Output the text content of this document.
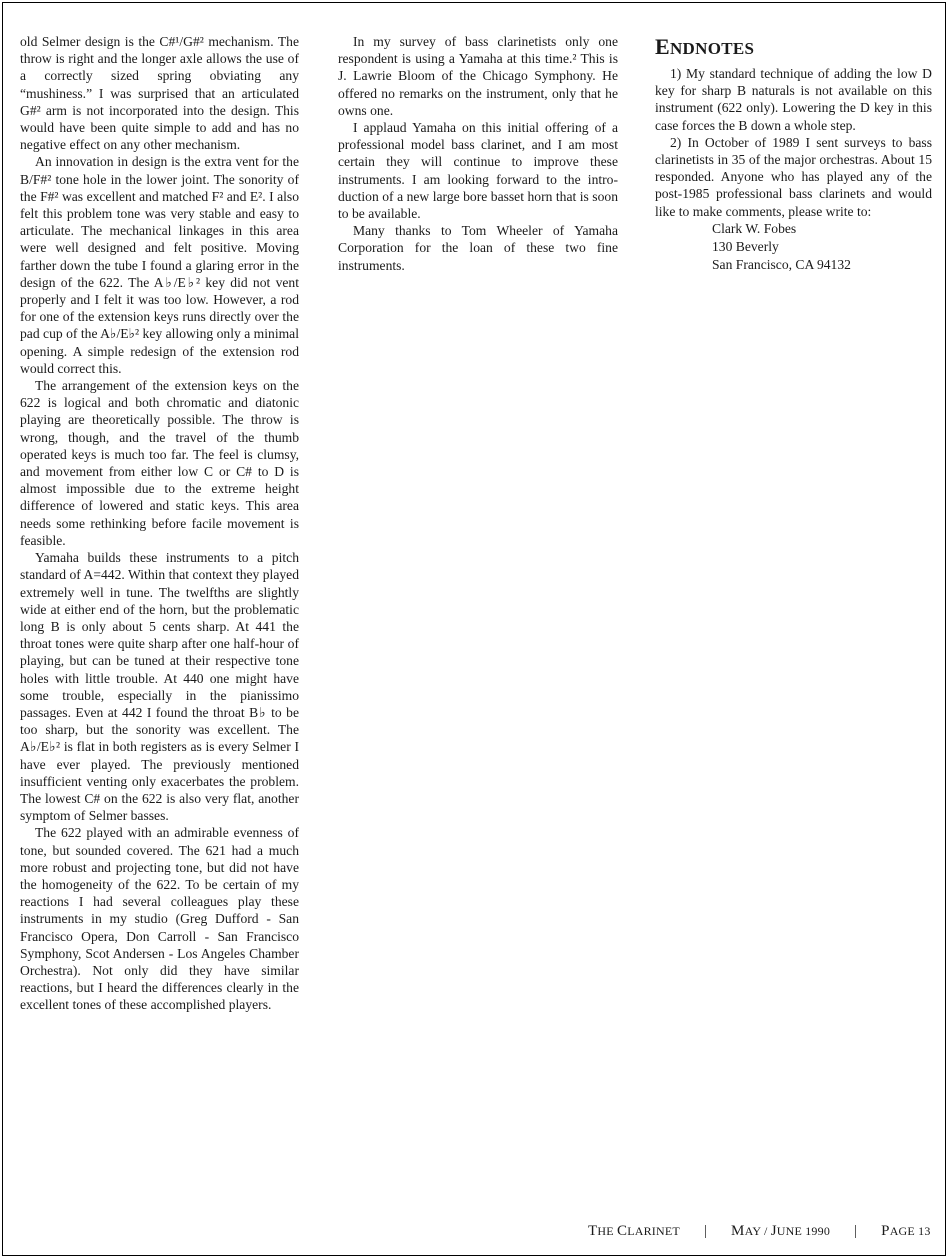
old Selmer design is the C#¹/G#² mechanism. The throw is right and the longer axle allows the use of a correctly sized spring obviating any “mushiness.” I was surprised that an articulated G#² arm is not incorporated into the design. This would have been quite simple to add and has no negative effect on any other mechanism.

An innovation in design is the extra vent for the B/F#² tone hole in the lower joint. The sonority of the F#² was excellent and matched F² and E². I also felt this problem tone was very stable and easy to articulate. The mechanical linkages in this area were well designed and felt positive. Moving farther down the tube I found a glaring error in the design of the 622. The A♭/E♭² key did not vent properly and I felt it was too low. However, a rod for one of the extension keys runs directly over the pad cup of the A♭/E♭² key allowing only a minimal opening. A simple redesign of the extension rod would correct this.

The arrangement of the extension keys on the 622 is logical and both chromatic and diatonic playing are theoretically possible. The throw is wrong, though, and the travel of the thumb operated keys is much too far. The feel is clumsy, and movement from either low C or C# to D is almost impossible due to the extreme height difference of lowered and static keys. This area needs some rethinking before facile movement is feasible.

Yamaha builds these instruments to a pitch standard of A=442. Within that context they played extremely well in tune. The twelfths are slightly wide at either end of the horn, but the problematic long B is only about 5 cents sharp. At 441 the throat tones were quite sharp after one half-hour of playing, but can be tuned at their respective tone holes with little trouble. At 440 one might have some trouble, especially in the pianissimo passages. Even at 442 I found the throat B♭ to be too sharp, but the sonority was excellent. The A♭/E♭² is flat in both registers as is every Selmer I have ever played. The previously mentioned insufficient venting only exacerbates the problem. The lowest C# on the 622 is also very flat, another symptom of Selmer basses.

The 622 played with an admirable evenness of tone, but sounded covered. The 621 had a much more robust and projecting tone, but did not have the homogeneity of the 622. To be certain of my reactions I had several colleagues play these instruments in my studio (Greg Dufford - San Francisco Opera, Don Carroll - San Francisco Symphony, Scot Andersen - Los Angeles Chamber Orchestra). Not only did they have similar reactions, but I heard the differences clearly in the excellent tones of these accomplished players.

In my survey of bass clarinetists only one respondent is using a Yamaha at this time.² This is J. Lawrie Bloom of the Chicago Symphony. He offered no remarks on the instrument, only that he owns one.

I applaud Yamaha on this initial offering of a professional model bass clarinet, and I am most certain they will continue to improve these instruments. I am looking forward to the intro-duction of a new large bore basset horn that is soon to be available.

Many thanks to Tom Wheeler of Yamaha Corporation for the loan of these two fine instruments.

ENDNOTES

1) My standard technique of adding the low D key for sharp B naturals is not available on this instrument (622 only). Lowering the D key in this case forces the B down a whole step.

2) In October of 1989 I sent surveys to bass clarinetists in 35 of the major orchestras. About 15 responded. Anyone who has played any of the post-1985 professional bass clarinets and would like to make comments, please write to:

Clark W. Fobes

130 Beverly

San Francisco, CA 94132

THE CLARINET | MAY / JUNE 1990 | PAGE 13
